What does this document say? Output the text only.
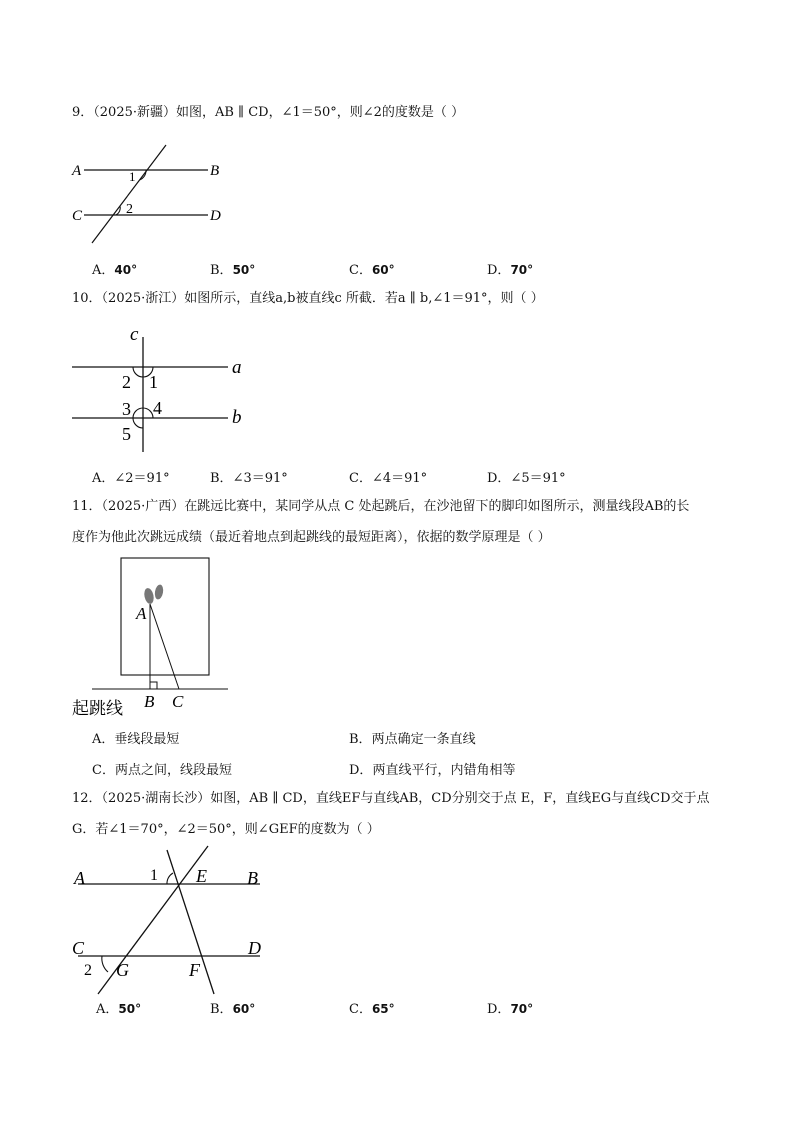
9．（2025·新疆）如图，AB ∥ CD，∠1＝50°，则∠2的度数是（ ）
A	B
C	D
1
2
A．40°	B．50°	C．60°	D．70°
10．（2025·浙江）如图所示，直线a,b被直线c 所截．若a ∥ b,∠1＝91°，则（ ）
c
a
b
2 1
3 4
5
A．∠2＝91°	B．∠3＝91°	C．∠4＝91°	D．∠5＝91°
11．（2025·广西）在跳远比赛中，某同学从点 C 处起跳后，在沙池留下的脚印如图所示，测量线段AB的长
度作为他此次跳远成绩（最近着地点到起跳线的最短距离），依据的数学原理是（ ）
A
B C
起跳线
A．垂线段最短	B．两点确定一条直线
C．两点之间，线段最短	D．两直线平行，内错角相等
12．（2025·湖南长沙）如图，AB ∥ CD，直线EF与直线AB，CD分别交于点 E，F，直线EG与直线CD交于点
G．若∠1＝70°，∠2＝50°，则∠GEF的度数为（ ）
A	B
C	D
E
F
G
1
2
A．50°	B．60°	C．65°	D．70°
